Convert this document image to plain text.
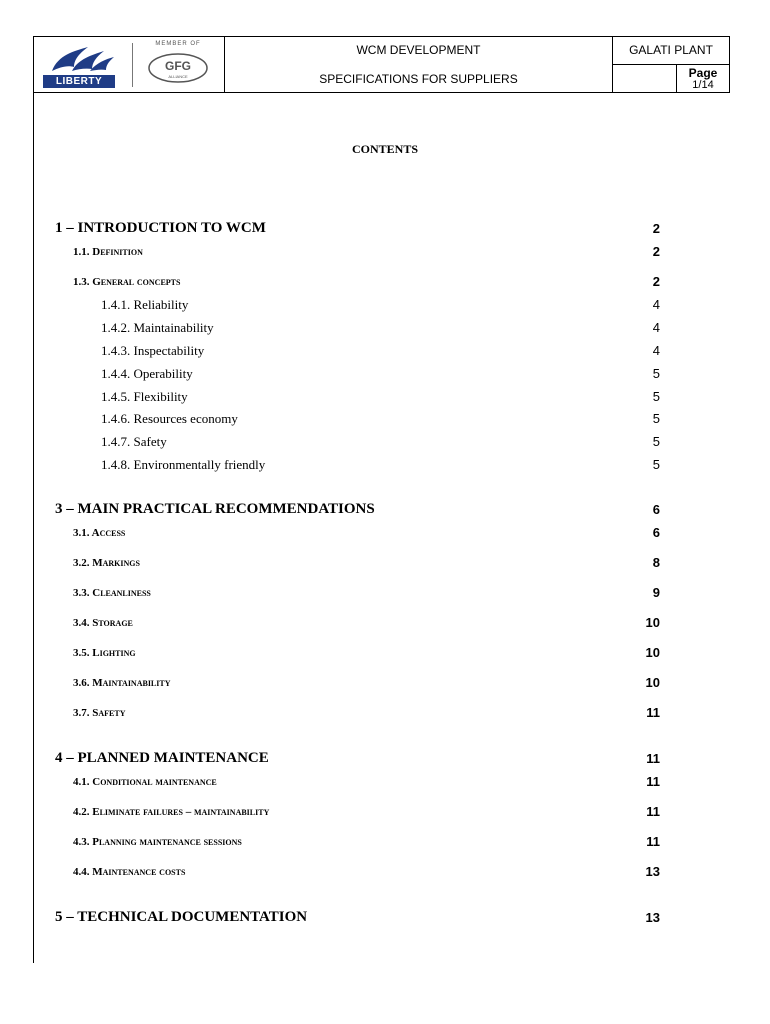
LIBERTY
MEMBER OF
GFG
ALLIANCE
WCM DEVELOPMENT
SPECIFICATIONS FOR SUPPLIERS
GALATI PLANT
Page
1/14
CONTENTS
1 – INTRODUCTION TO WCM	2
1.1. Definition	2
1.3. General concepts	2
1.4.1. Reliability	4
1.4.2. Maintainability	4
1.4.3. Inspectability	4
1.4.4. Operability	5
1.4.5. Flexibility	5
1.4.6. Resources economy	5
1.4.7. Safety	5
1.4.8. Environmentally friendly	5
3 – MAIN PRACTICAL RECOMMENDATIONS	6
3.1. Access	6
3.2. Markings	8
3.3. Cleanliness	9
3.4. Storage	10
3.5. Lighting	10
3.6. Maintainability	10
3.7. Safety	11
4 – PLANNED MAINTENANCE	11
4.1. Conditional maintenance	11
4.2. Eliminate failures – maintainability	11
4.3. Planning maintenance sessions	11
4.4. Maintenance costs	13
5 – TECHNICAL DOCUMENTATION	13
